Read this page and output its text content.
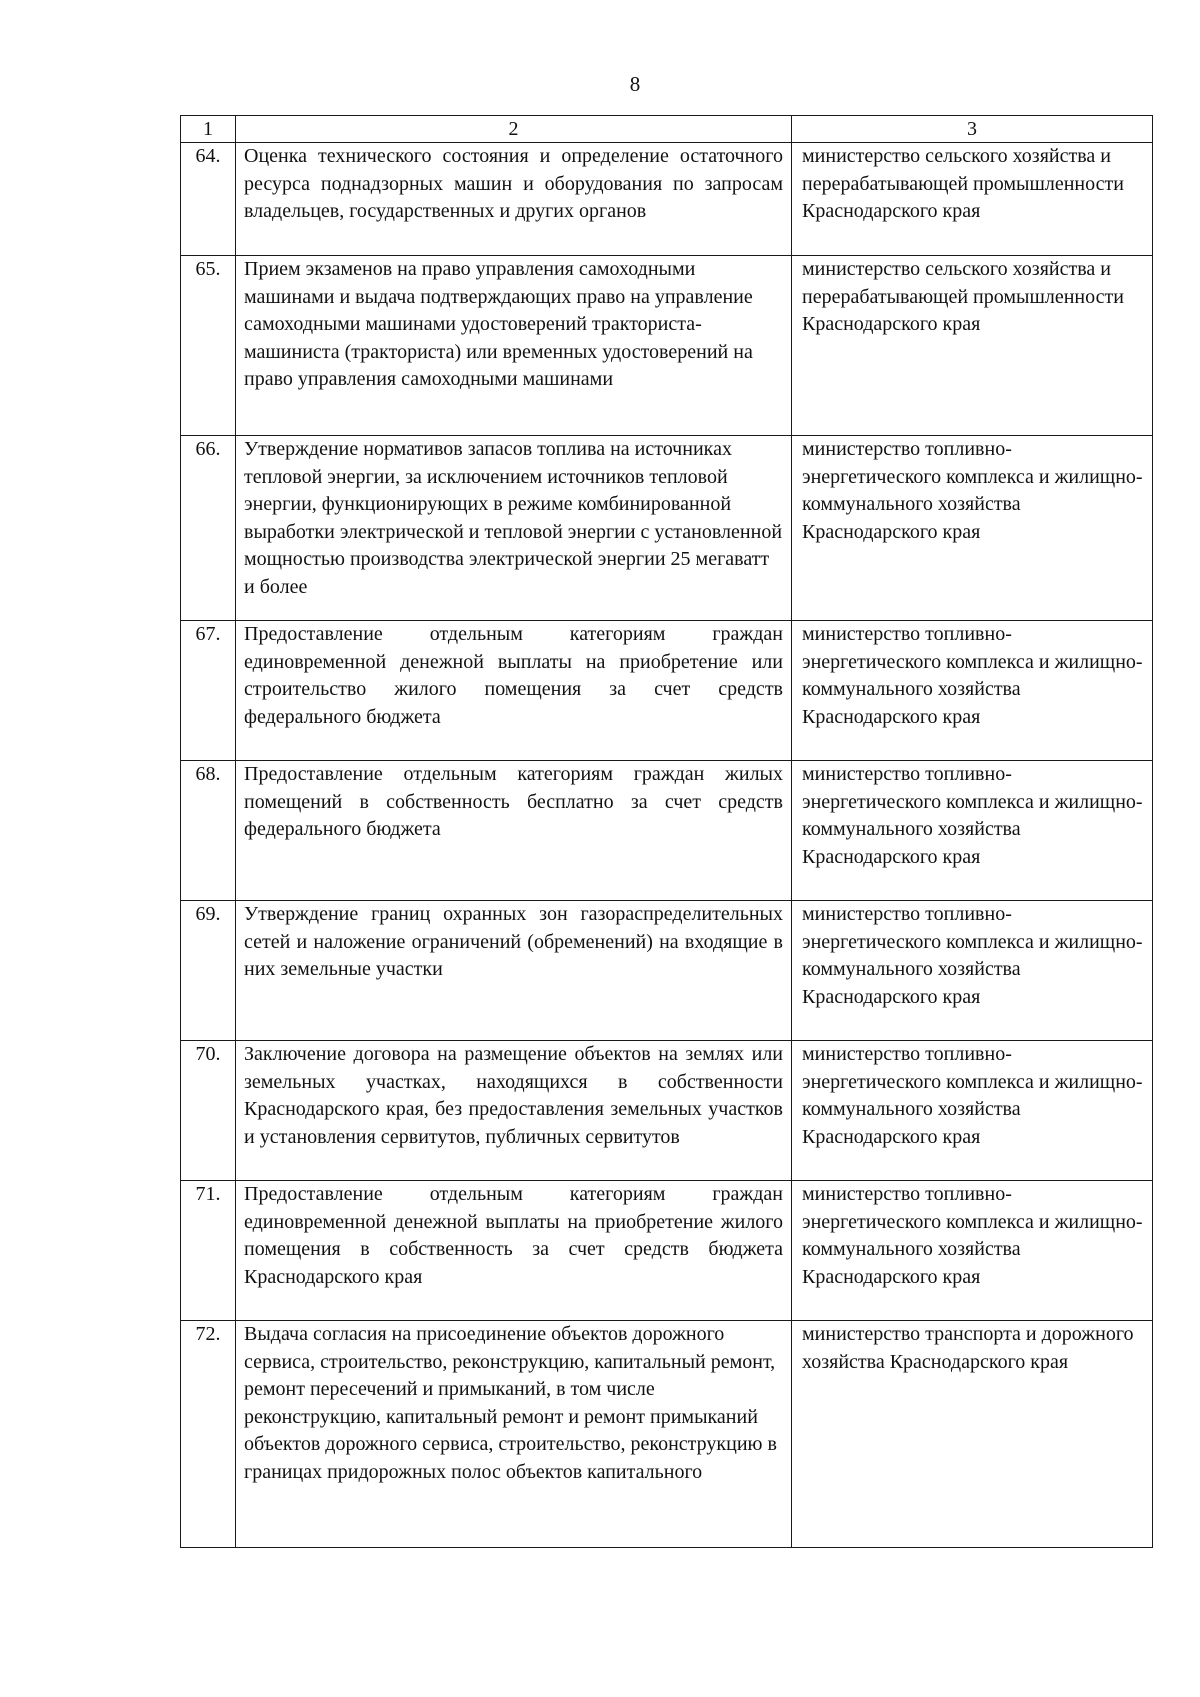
8
1	2	3
64.	Оценка технического состояния и определение остаточного ресурса поднадзорных машин и оборудования по запросам владельцев, государственных и других органов	министерство сельского хозяйства и перерабатывающей промышленности Краснодарского края
65.	Прием экзаменов на право управления самоходными машинами и выдача подтверждающих право на управление самоходными машинами удостоверений тракториста-машиниста (тракториста) или временных удостоверений на право управления самоходными машинами	министерство сельского хозяйства и перерабатывающей промышленности Краснодарского края
66.	Утверждение нормативов запасов топлива на источниках тепловой энергии, за исключением источников тепловой энергии, функционирующих в режиме комбинированной выработки электрической и тепловой энергии с установленной мощностью производства электрической энергии 25 мегаватт и более	министерство топливно-энергетического комплекса и жилищно-коммунального хозяйства Краснодарского края
67.	Предоставление отдельным категориям граждан единовременной денежной выплаты на приобретение или строительство жилого помещения за счет средств федерального бюджета	министерство топливно-энергетического комплекса и жилищно-коммунального хозяйства Краснодарского края
68.	Предоставление отдельным категориям граждан жилых помещений в собственность бесплатно за счет средств федерального бюджета	министерство топливно-энергетического комплекса и жилищно-коммунального хозяйства Краснодарского края
69.	Утверждение границ охранных зон газораспределительных сетей и наложение ограничений (обременений) на входящие в них земельные участки	министерство топливно-энергетического комплекса и жилищно-коммунального хозяйства Краснодарского края
70.	Заключение договора на размещение объектов на землях или земельных участках, находящихся в собственности Краснодарского края, без предоставления земельных участков и установления сервитутов, публичных сервитутов	министерство топливно-энергетического комплекса и жилищно-коммунального хозяйства Краснодарского края
71.	Предоставление отдельным категориям граждан единовременной денежной выплаты на приобретение жилого помещения в собственность за счет средств бюджета Краснодарского края	министерство топливно-энергетического комплекса и жилищно-коммунального хозяйства Краснодарского края
72.	Выдача согласия на присоединение объектов дорожного сервиса, строительство, реконструкцию, капитальный ремонт, ремонт пересечений и примыканий, в том числе реконструкцию, капитальный ремонт и ремонт примыканий объектов дорожного сервиса, строительство, реконструкцию в границах придорожных полос объектов капитального	министерство транспорта и дорожного хозяйства Краснодарского края
